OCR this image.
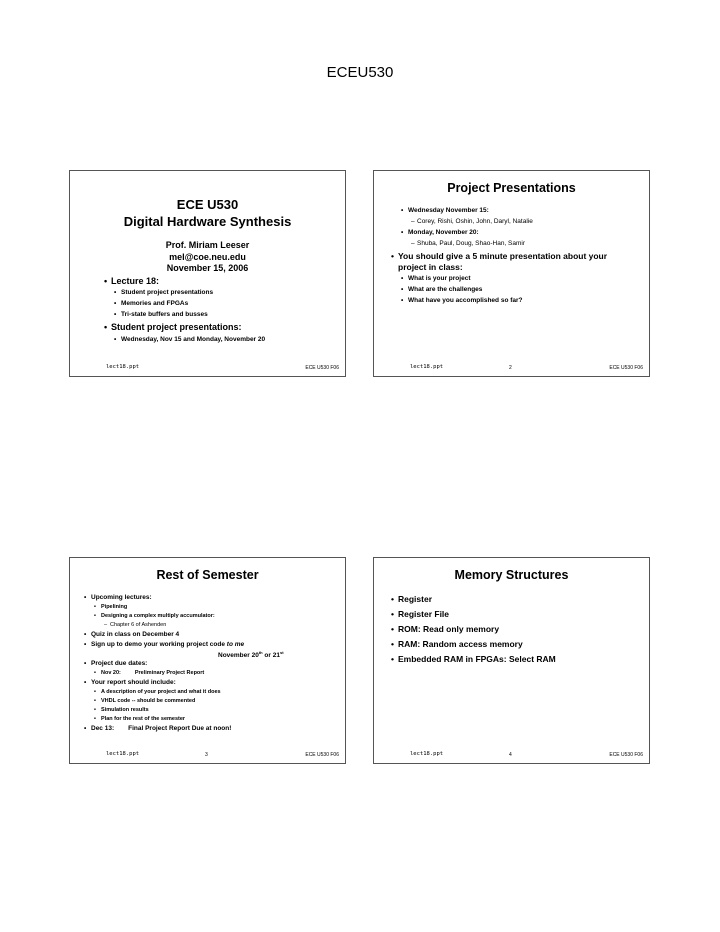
ECEU530
ECE U530
Digital Hardware Synthesis
Prof. Miriam Leeser
mel@coe.neu.edu
November 15, 2006
• Lecture 18:
• Student project presentations
• Memories and FPGAs
• Tri-state buffers and busses
• Student project presentations:
• Wednesday, Nov 15 and Monday, November 20
lect18.ppt	ECE U530 F06
Project Presentations
• Wednesday November 15:
– Corey, Rishi, Oshin, John, Daryl, Natalie
• Monday, November 20:
– Shuba, Paul, Doug, Shao-Han, Samir
• You should give a 5 minute presentation about your
project in class:
• What is your project
• What are the challenges
• What have you accomplished so far?
lect18.ppt	2	ECE U530 F06
Rest of Semester
• Upcoming lectures:
• Pipelining
• Designing a complex multiply accumulator:
– Chapter 6 of Ashenden
• Quiz in class on December 4
• Sign up to demo your working project code to me
November 20th or 21st
• Project due dates:
• Nov 20:	Preliminary Project Report
• Your report should include:
• A description of your project and what it does
• VHDL code -- should be commented
• Simulation results
• Plan for the rest of the semester
• Dec 13: Final Project Report Due at noon!
lect18.ppt	3	ECE U530 F06
Memory Structures
• Register
• Register File
• ROM: Read only memory
• RAM: Random access memory
• Embedded RAM in FPGAs: Select RAM
lect18.ppt	4	ECE U530 F06
